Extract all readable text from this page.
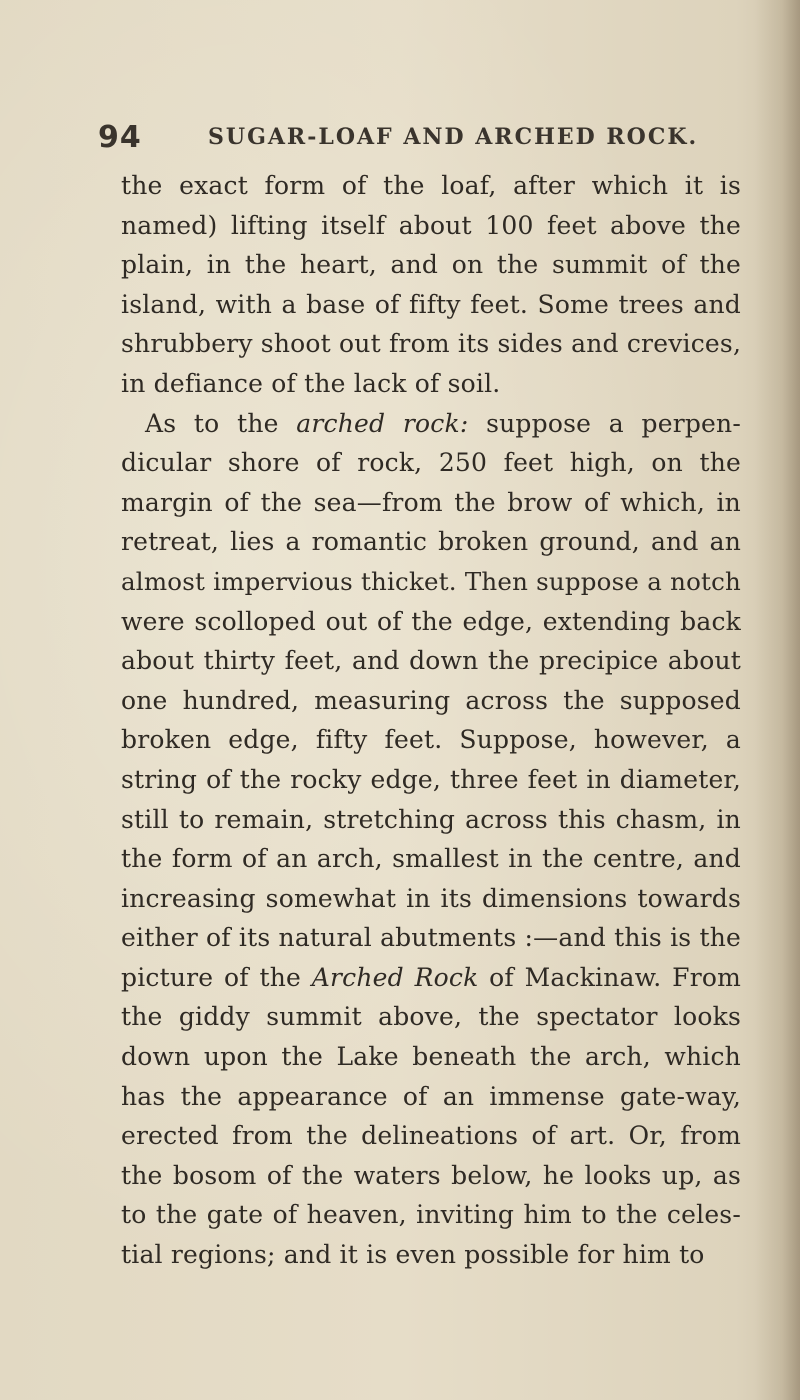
94	SUGAR-LOAF AND ARCHED ROCK.
the exact form of the loaf, after which it is
named) lifting itself about 100 feet above the
plain, in the heart, and on the summit of the
island, with a base of fifty feet. Some trees and
shrubbery shoot out from its sides and crevices,
in defiance of the lack of soil.
As to the arched rock: suppose a perpen-
dicular shore of rock, 250 feet high, on the
margin of the sea—from the brow of which, in
retreat, lies a romantic broken ground, and an
almost impervious thicket. Then suppose a notch
were scolloped out of the edge, extending back
about thirty feet, and down the precipice about
one hundred, measuring across the supposed
broken edge, fifty feet. Suppose, however, a
string of the rocky edge, three feet in diameter,
still to remain, stretching across this chasm, in
the form of an arch, smallest in the centre, and
increasing somewhat in its dimensions towards
either of its natural abutments :—and this is the
picture of the Arched Rock of Mackinaw. From
the giddy summit above, the spectator looks
down upon the Lake beneath the arch, which
has the appearance of an immense gate-way,
erected from the delineations of art. Or, from
the bosom of the waters below, he looks up, as
to the gate of heaven, inviting him to the celes-
tial regions; and it is even possible for him to
